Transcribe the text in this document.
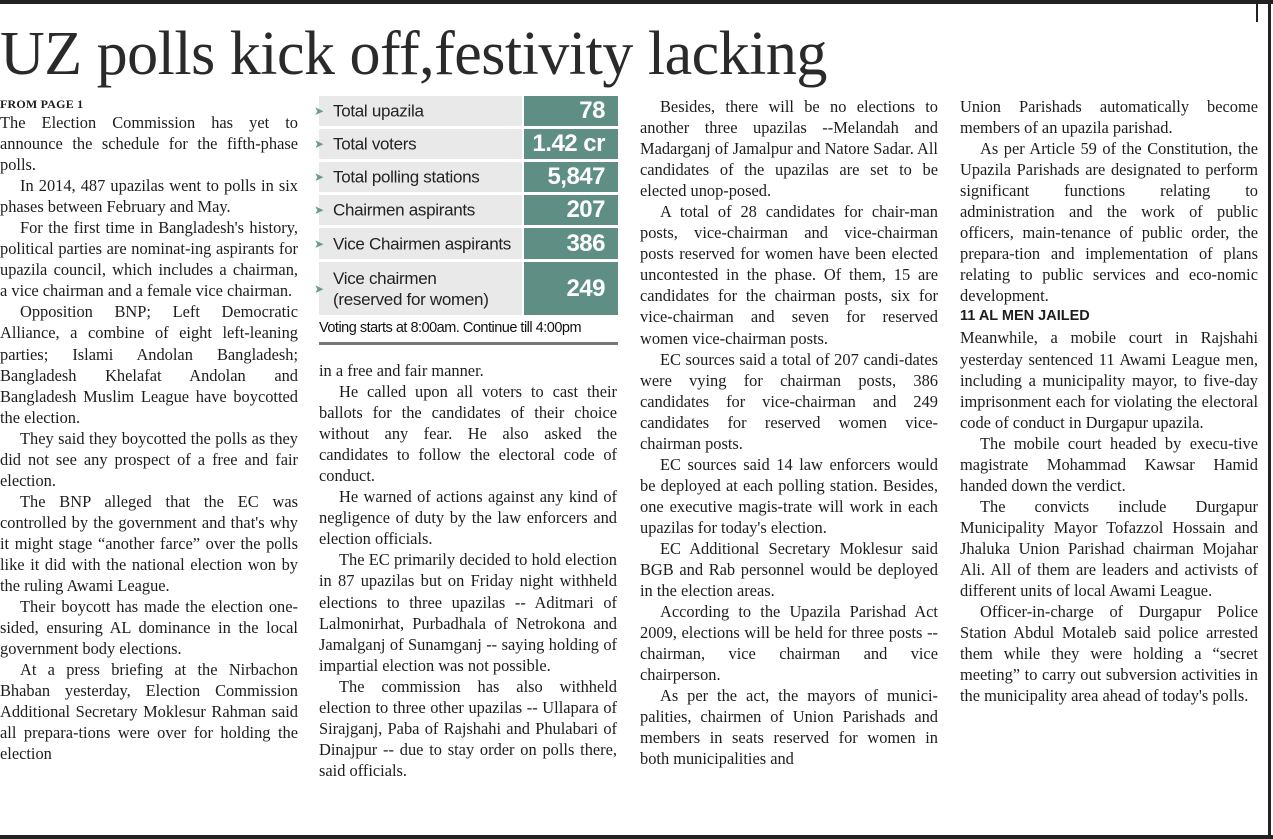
UZ polls kick off,festivity lacking
FROM PAGE 1

The Election Commission has yet to announce the schedule for the fifth-phase polls.

In 2014, 487 upazilas went to polls in six phases between February and May.

For the first time in Bangladesh's history, political parties are nominat-ing aspirants for upazila council, which includes a chairman, a vice chairman and a female vice chairman.

Opposition BNP; Left Democratic Alliance, a combine of eight left-leaning parties; Islami Andolan Bangladesh; Bangladesh Khelafat Andolan and Bangladesh Muslim League have boycotted the election.

They said they boycotted the polls as they did not see any prospect of a free and fair election.

The BNP alleged that the EC was controlled by the government and that's why it might stage “another farce” over the polls like it did with the national election won by the ruling Awami League.

Their boycott has made the election one-sided, ensuring AL dominance in the local government body elections.

At a press briefing at the Nirbachon Bhaban yesterday, Election Commission Additional Secretary Moklesur Rahman said all prepara-tions were over for holding the election

➤ Total upazila	78
➤ Total voters	1.42 cr
➤ Total polling stations	5,847
➤ Chairmen aspirants	207
➤ Vice Chairmen aspirants 386
➤
Vice chairmen
(reserved for women)	249
Voting starts at 8:00am. Continue till 4:00pm

in a free and fair manner.

He called upon all voters to cast their ballots for the candidates of their choice without any fear. He also asked the candidates to follow the electoral code of conduct.

He warned of actions against any kind of negligence of duty by the law enforcers and election officials.

The EC primarily decided to hold election in 87 upazilas but on Friday night withheld elections to three upazilas -- Aditmari of Lalmonirhat, Purbadhala of Netrokona and Jamalganj of Sunamganj -- saying holding of impartial election was not possible.

The commission has also withheld election to three other upazilas -- Ullapara of Sirajganj, Paba of Rajshahi and Phulabari of Dinajpur -- due to stay order on polls there, said officials.

Besides, there will be no elections to another three upazilas --Melandah and Madarganj of Jamalpur and Natore Sadar. All candidates of the upazilas are set to be elected unop-posed.

A total of 28 candidates for chair-man posts, vice-chairman and vice-chairman posts reserved for women have been elected uncontested in the phase. Of them, 15 are candidates for the chairman posts, six for vice-chairman and seven for reserved women vice-chairman posts.

EC sources said a total of 207 candi-dates were vying for chairman posts, 386 candidates for vice-chairman and 249 candidates for reserved women vice-chairman posts.

EC sources said 14 law enforcers would be deployed at each polling station. Besides, one executive magis-trate will work in each upazilas for today's election.

EC Additional Secretary Moklesur said BGB and Rab personnel would be deployed in the election areas.

According to the Upazila Parishad Act 2009, elections will be held for three posts -- chairman, vice chairman and vice chairperson.

As per the act, the mayors of munici-palities, chairmen of Union Parishads and members in seats reserved for women in both municipalities and

Union Parishads automatically become members of an upazila parishad.

As per Article 59 of the Constitution, the Upazila Parishads are designated to perform significant functions relating to administration and the work of public officers, main-tenance of public order, the prepara-tion and implementation of plans relating to public services and eco-nomic development.

11 AL MEN JAILED

Meanwhile, a mobile court in Rajshahi yesterday sentenced 11 Awami League men, including a municipality mayor, to five-day imprisonment each for violating the electoral code of conduct in Durgapur upazila.

The mobile court headed by execu-tive magistrate Mohammad Kawsar Hamid handed down the verdict.

The convicts include Durgapur Municipality Mayor Tofazzol Hossain and Jhaluka Union Parishad chairman Mojahar Ali. All of them are leaders and activists of different units of local Awami League.

Officer-in-charge of Durgapur Police Station Abdul Motaleb said police arrested them while they were holding a “secret meeting” to carry out subversion activities in the municipality area ahead of today's polls.
